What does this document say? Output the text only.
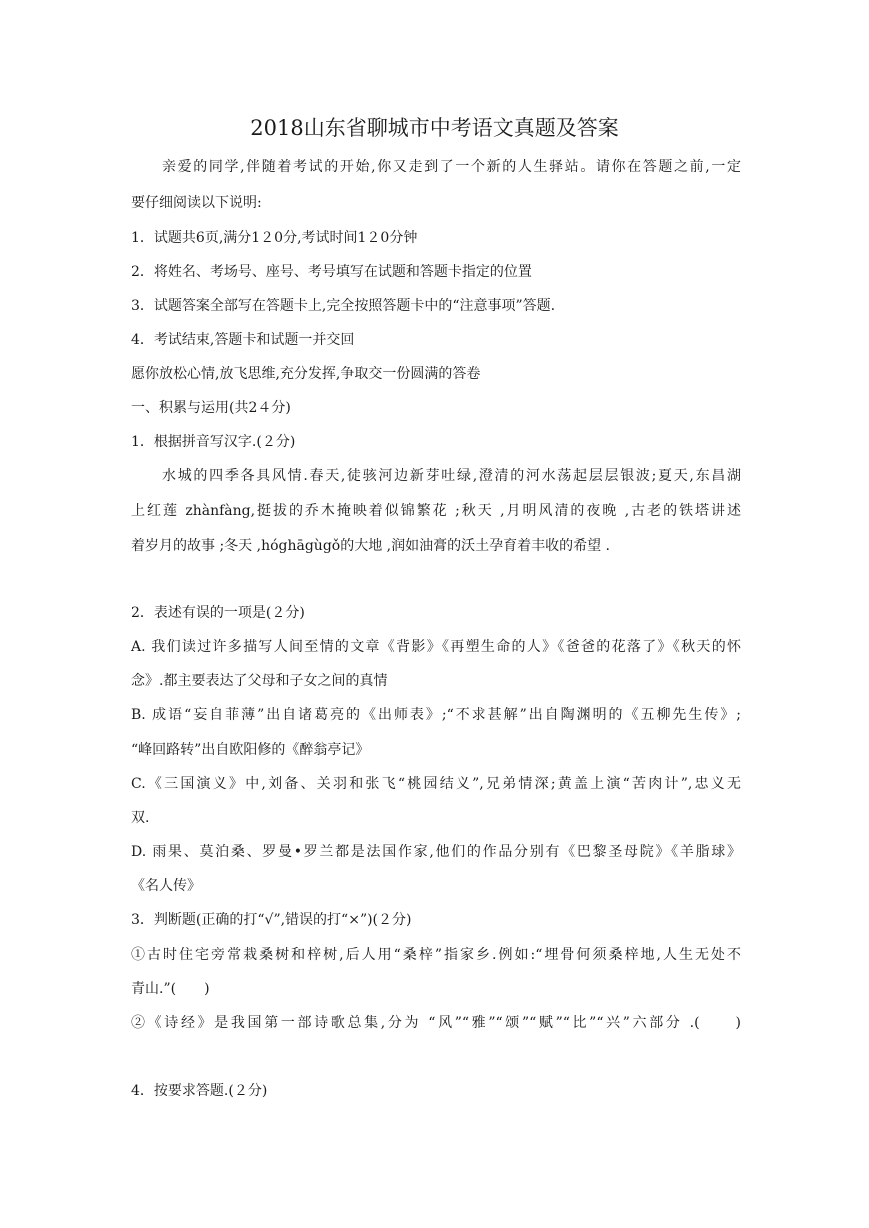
2018山东省聊城市中考语文真题及答案
亲爱的同学,伴随着考试的开始,你又走到了一个新的人生驿站。请你在答题之前,一定
要仔细阅读以下说明:
1．试题共6页,满分1２0分,考试时间1２0分钟
2．将姓名、考场号、座号、考号填写在试题和答题卡指定的位置
3．试题答案全部写在答题卡上,完全按照答题卡中的“注意事项”答题.
4．考试结束,答题卡和试题一并交回
愿你放松心情,放飞思维,充分发挥,争取交一份圆满的答卷
一、积累与运用(共2４分)
1．根据拼音写汉字.(２分)
水城的四季各具风情.春天,徒骇河边新芽吐绿,澄清的河水荡起层层银波;夏天,东昌湖
上红莲 zhànfàng,挺拔的乔木掩映着似锦繁花 ;秋天 ,月明风清的夜晚 ,古老的铁塔讲述
着岁月的故事 ;冬天 ,hóghāgùgǒ的大地 ,润如油膏的沃土孕育着丰收的希望 .
2．表述有误的一项是(２分)
A. 我们读过许多描写人间至情的文章《背影》《再塑生命的人》《爸爸的花落了》《秋天的怀
念》.都主要表达了父母和子女之间的真情
B. 成语“妄自菲薄”出自诸葛亮的《出师表》;“不求甚解”出自陶渊明的《五柳先生传》;
“峰回路转”出自欧阳修的《醉翁亭记》
C.《三国演义》中,刘备、关羽和张飞“桃园结义”,兄弟情深;黄盖上演“苦肉计”,忠义无
双.
D. 雨果、莫泊桑、罗曼•罗兰都是法国作家,他们的作品分别有《巴黎圣母院》《羊脂球》
《名人传》
3．判断题(正确的打“√”,错误的打“×”)(２分)
①古时住宅旁常栽桑树和梓树,后人用“桑梓”指家乡.例如:“埋骨何须桑梓地,人生无处不
青山.”(　　)
②《诗经》是我国第一部诗歌总集,分为 “风”“雅”“颂”“赋”“比”“兴”六部分 .(　　)
4．按要求答题.(２分)
